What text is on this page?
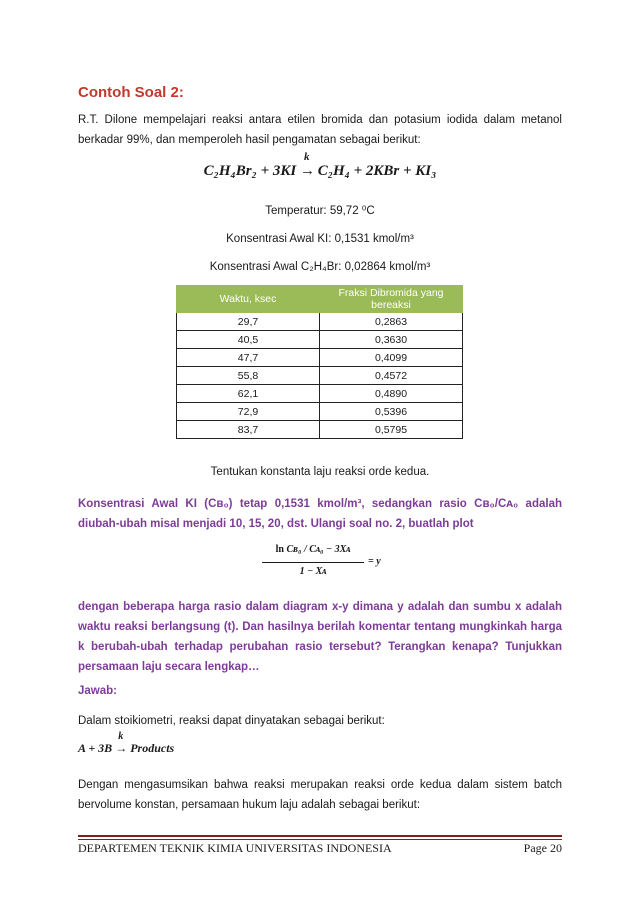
Contoh Soal 2:
R.T. Dilone mempelajari reaksi antara etilen bromida dan potasium iodida dalam metanol berkadar 99%, dan memperoleh hasil pengamatan sebagai berikut:
C₂H₄Br₂ + 3KI
k
→ C₂H₄ + 2KBr + KI₃
Temperatur: 59,72 ⁰C
Konsentrasi Awal KI: 0,1531 kmol/m³
Konsentrasi Awal C₂H₄Br: 0,02864 kmol/m³
Waktu, ksec	Fraksi Dibromida yang bereaksi
29,7	0,2863
40,5	0,3630
47,7	0,4099
55,8	0,4572
62,1	0,4890
72,9	0,5396
83,7	0,5795
Tentukan konstanta laju reaksi orde kedua.
Konsentrasi Awal KI (Cʙ₀) tetap 0,1531 kmol/m³, sedangkan rasio Cʙ₀/Cᴀ₀ adalah diubah-ubah misal menjadi 10, 15, 20, dst. Ulangi soal no. 2, buatlah plot
ln Cʙ₀ / Cᴀ₀ − 3Xᴀ
1 − Xᴀ
= y
dengan beberapa harga rasio dalam diagram x-y dimana y adalah dan sumbu x adalah waktu reaksi berlangsung (t). Dan hasilnya berilah komentar tentang mungkinkah harga k berubah-ubah terhadap perubahan rasio tersebut? Terangkan kenapa? Tunjukkan persamaan laju secara lengkap…
Jawab:
Dalam stoikiometri, reaksi dapat dinyatakan sebagai berikut:
A + 3B
k
→ Products
Dengan mengasumsikan bahwa reaksi merupakan reaksi orde kedua dalam sistem batch bervolume konstan, persamaan hukum laju adalah sebagai berikut:
DEPARTEMEN TEKNIK KIMIA UNIVERSITAS INDONESIA	Page 20
